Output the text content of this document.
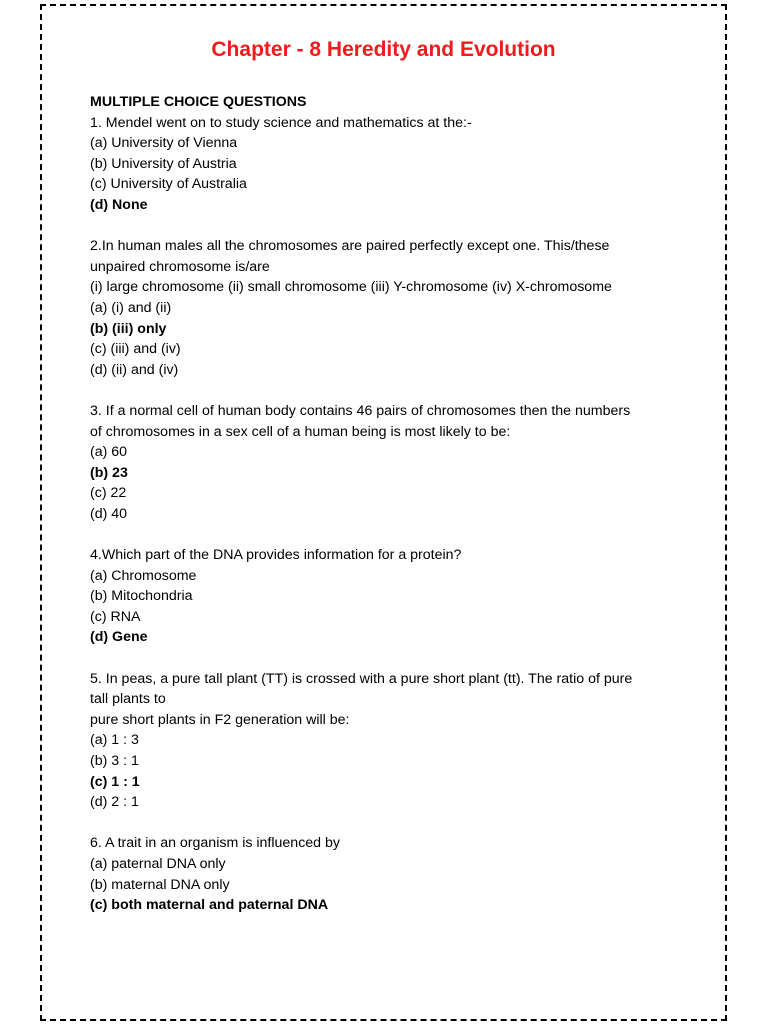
Chapter - 8 Heredity and Evolution

MULTIPLE CHOICE QUESTIONS

1. Mendel went on to study science and mathematics at the:-

(a) University of Vienna

(b) University of Austria

(c) University of Australia

(d) None

2.In human males all the chromosomes are paired perfectly except one. This/these

unpaired chromosome is/are

(i) large chromosome (ii) small chromosome (iii) Y-chromosome (iv) X-chromosome

(a) (i) and (ii)

(b) (iii) only

(c) (iii) and (iv)

(d) (ii) and (iv)

3. If a normal cell of human body contains 46 pairs of chromosomes then the numbers

of chromosomes in a sex cell of a human being is most likely to be:

(a) 60

(b) 23

(c) 22

(d) 40

4.Which part of the DNA provides information for a protein?

(a) Chromosome

(b) Mitochondria

(c) RNA

(d) Gene

5. In peas, a pure tall plant (TT) is crossed with a pure short plant (tt). The ratio of pure

tall plants to

pure short plants in F2 generation will be:

(a) 1 : 3

(b) 3 : 1

(c) 1 : 1

(d) 2 : 1

6. A trait in an organism is influenced by

(a) paternal DNA only

(b) maternal DNA only

(c) both maternal and paternal DNA
